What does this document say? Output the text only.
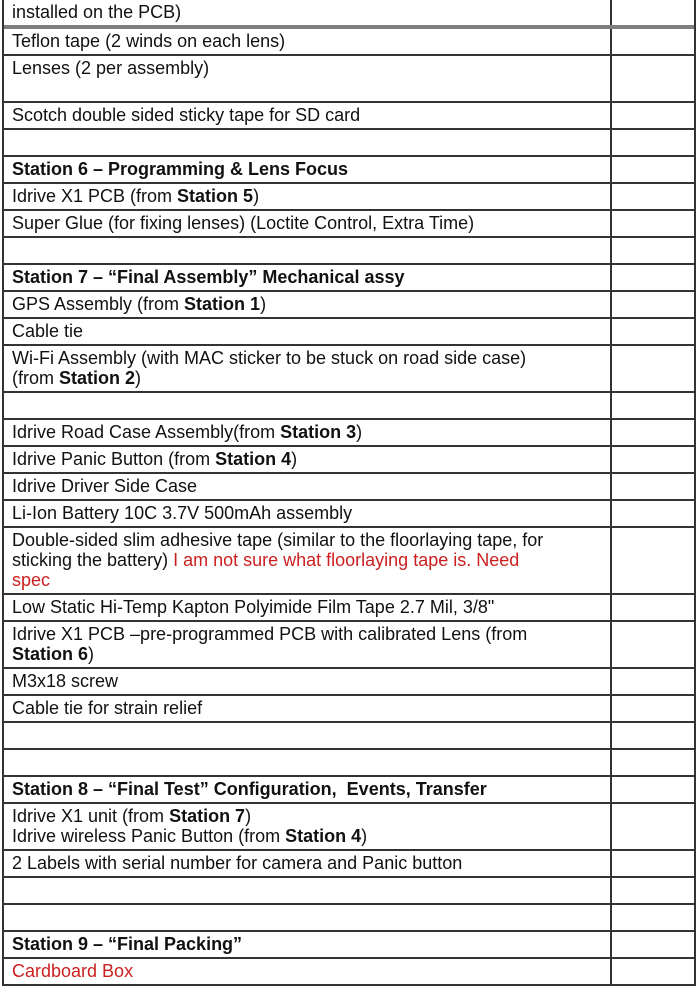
installed on the PCB)
Teflon tape (2 winds on each lens)
Lenses (2 per assembly)
Scotch double sided sticky tape for SD card
Station 6 – Programming & Lens Focus
Idrive X1 PCB (from Station 5)
Super Glue (for fixing lenses) (Loctite Control, Extra Time)
Station 7 – “Final Assembly” Mechanical assy
GPS Assembly (from Station 1)
Cable tie
Wi-Fi Assembly (with MAC sticker to be stuck on road side case)
(from Station 2)
Idrive Road Case Assembly(from Station 3)
Idrive Panic Button (from Station 4)
Idrive Driver Side Case
Li-Ion Battery 10C 3.7V 500mAh assembly
Double-sided slim adhesive tape (similar to the floorlaying tape, for
sticking the battery) I am not sure what floorlaying tape is. Need
spec
Low Static Hi-Temp Kapton Polyimide Film Tape 2.7 Mil, 3/8"
Idrive X1 PCB –pre-programmed PCB with calibrated Lens (from
Station 6)
M3x18 screw
Cable tie for strain relief
Station 8 – “Final Test” Configuration,  Events, Transfer
Idrive X1 unit (from Station 7)
Idrive wireless Panic Button (from Station 4)
2 Labels with serial number for camera and Panic button
Station 9 – “Final Packing”
Cardboard Box
